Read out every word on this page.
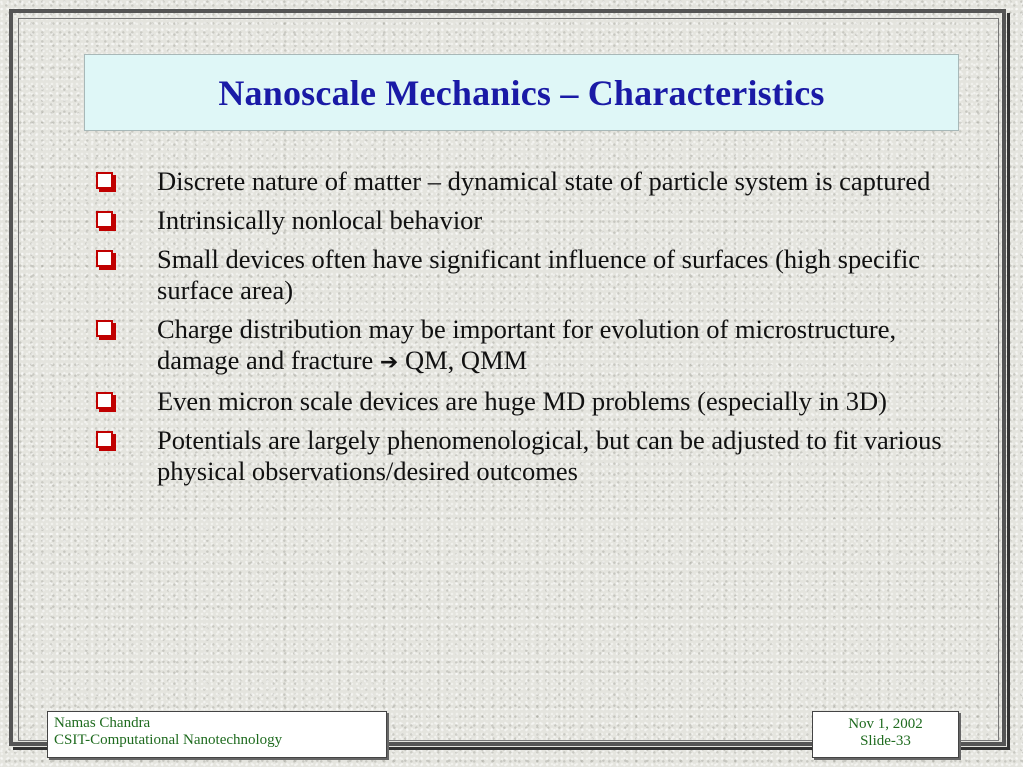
Nanoscale Mechanics – Characteristics
Discrete nature of matter – dynamical state of particle system is captured
Intrinsically nonlocal behavior
Small devices often have significant influence of surfaces (high specific surface area)
Charge distribution may be important for evolution of microstructure, damage and fracture ➔ QM, QMM
Even micron scale devices are huge MD problems (especially in 3D)
Potentials are largely phenomenological, but can be adjusted to fit various physical observations/desired outcomes
Namas Chandra
CSIT-Computational Nanotechnology
Nov 1, 2002
Slide-33
